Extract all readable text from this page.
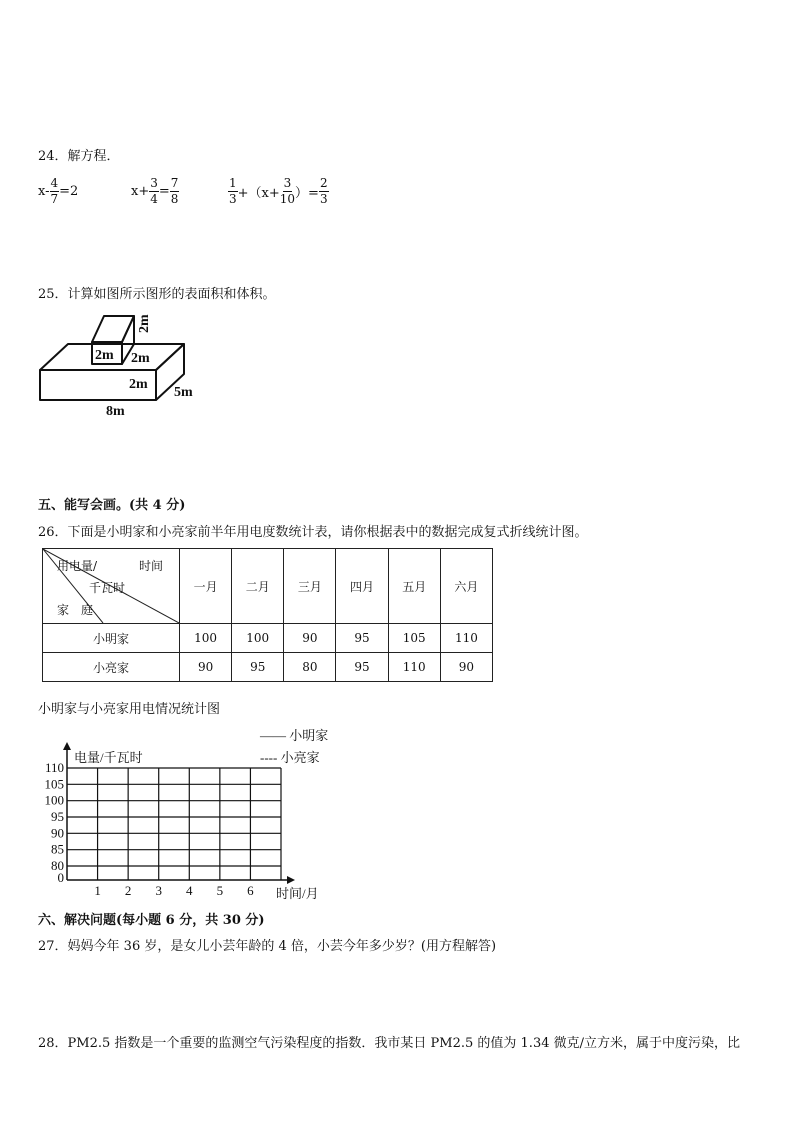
24．解方程．
$x- \frac{4}{7} =2$	$x+ \frac{3}{4} = \frac{7}{8}$	$\frac{1}{3} +(x+ \frac{3}{10}$ ）= $\frac{2}{3}$
25．计算如图所示图形的表面积和体积。
2m
2m 2m
2m
5m
8m
五、能写会画。(共 4 分)
26．下面是小明家和小亮家前半年用电度数统计表，请你根据表中的数据完成复式折线统计图。
用电量/ 时间
千瓦时
家　庭	一月	二月	三月	四月	五月	六月
小明家	100	100	90	95	105	110
小亮家	90	95	80	95	110	90
小明家与小亮家用电情况统计图
—— 小明家
---- 小亮家
电量/千瓦时
时间/月
80
85
90
95
100
105
110
0
1 2 3 4 5 6
六、解决问题(每小题 6 分，共 30 分)
27．妈妈今年 36 岁，是女儿小芸年龄的 4 倍，小芸今年多少岁？(用方程解答)
28．PM2.5 指数是一个重要的监测空气污染程度的指数．我市某日 PM2.5 的值为 1.34 微克/立方米，属于中度污染，比
